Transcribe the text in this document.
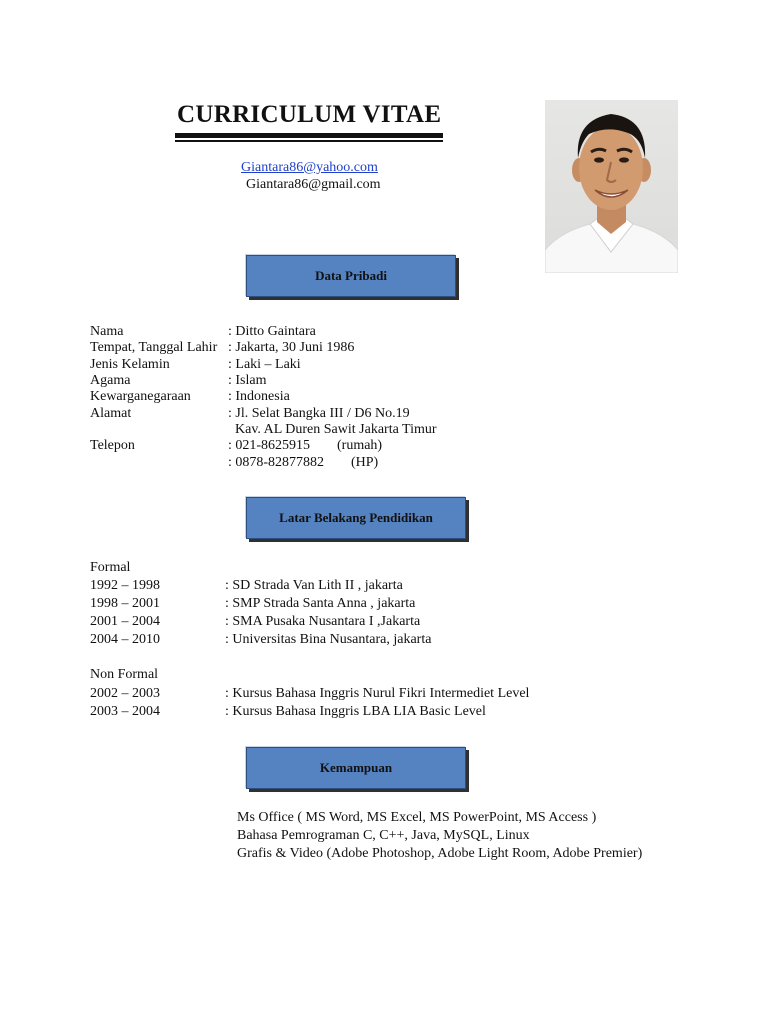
CURRICULUM VITAE
Giantara86@yahoo.com
Giantara86@gmail.com
Data Pribadi
Nama	: Ditto Gaintara
Tempat, Tanggal Lahir : Jakarta, 30 Juni 1986
Jenis Kelamin	: Laki – Laki
Agama	: Islam
Kewarganegaraan	: Indonesia
Alamat	: Jl. Selat Bangka III / D6 No.19
Kav. AL Duren Sawit Jakarta Timur
Telepon	: 021-8625915 (rumah)
: 0878-82877882 (HP)
Latar Belakang Pendidikan
Formal
1992 – 1998	: SD Strada Van Lith II , jakarta
1998 – 2001	: SMP Strada Santa Anna , jakarta
2001 – 2004	: SMA Pusaka Nusantara I ,Jakarta
2004 – 2010	: Universitas Bina Nusantara, jakarta
Non Formal
2002 – 2003	: Kursus Bahasa Inggris Nurul Fikri Intermediet Level
2003 – 2004	: Kursus Bahasa Inggris LBA LIA Basic Level
Kemampuan
Ms Office ( MS Word, MS Excel, MS PowerPoint, MS Access )
Bahasa Pemrograman C, C++, Java, MySQL, Linux
Grafis & Video (Adobe Photoshop, Adobe Light Room, Adobe Premier)
